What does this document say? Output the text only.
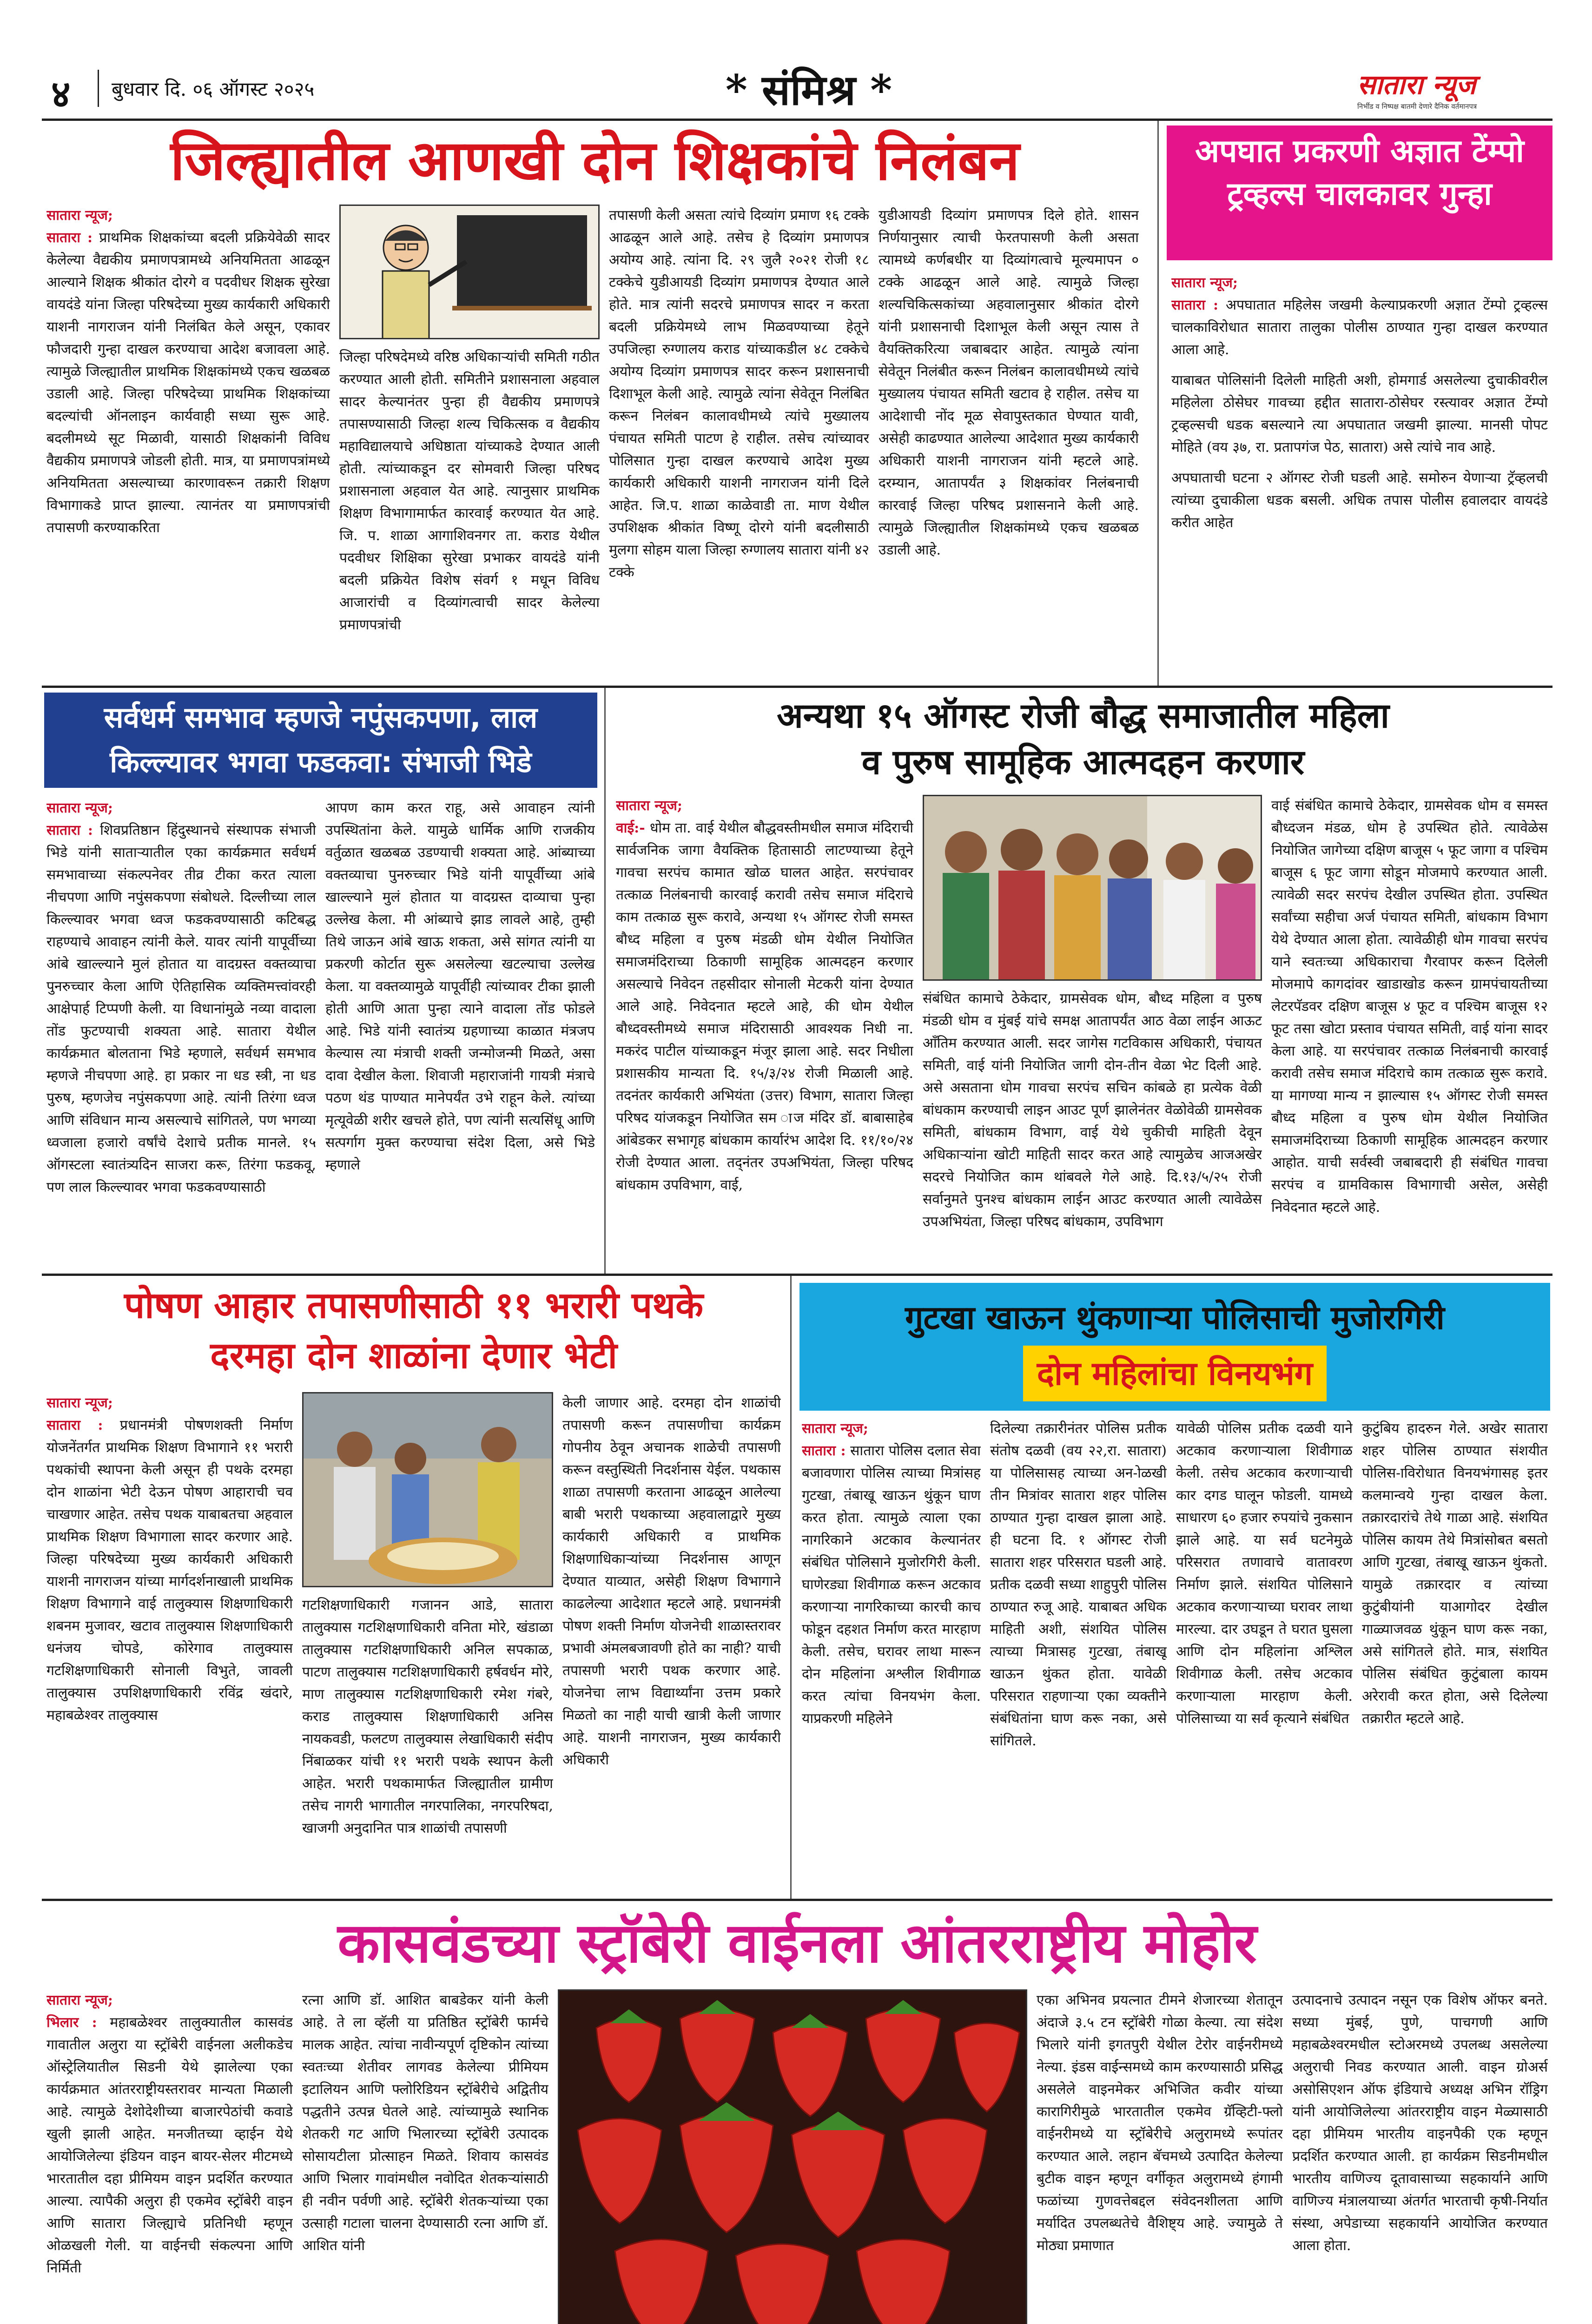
४ बुधवार दि. ०६ ऑगस्ट २०२५	* संमिश्र *	सातारा न्यूज
निर्भीड व निष्पक्ष बातमी देणारे दैनिक वर्तमानपत्र
जिल्ह्यातील आणखी दोन शिक्षकांचे निलंबन
सातारा न्यूज;
सातारा : प्राथमिक शिक्षकांच्या बदली प्रक्रियेवेळी सादर केलेल्या वैद्यकीय प्रमाणपत्रामध्ये अनियमितता आढळून आल्याने शिक्षक श्रीकांत दोरगे व पदवीधर शिक्षक सुरेखा वायदंडे यांना जिल्हा परिषदेच्या मुख्य कार्यकारी अधिकारी याशनी नागराजन यांनी निलंबित केले असून, एकावर फौजदारी गुन्हा दाखल करण्याचा आदेश बजावला आहे. त्यामुळे जिल्ह्यातील प्राथमिक शिक्षकांमध्ये एकच खळबळ उडाली आहे. जिल्हा परिषदेच्या प्राथमिक शिक्षकांच्या बदल्यांची ऑनलाइन कार्यवाही सध्या सुरू आहे. बदलीमध्ये सूट मिळावी, यासाठी शिक्षकांनी विविध वैद्यकीय प्रमाणपत्रे जोडली होती. मात्र, या प्रमाणपत्रांमध्ये अनियमितता असल्याच्या कारणावरून तक्रारी शिक्षण विभागाकडे प्राप्त झाल्या. त्यानंतर या प्रमाणपत्रांची तपासणी करण्याकरिता
जिल्हा परिषदेमध्ये वरिष्ठ अधिकाऱ्यांची समिती गठीत करण्यात आली होती. समितीने प्रशासनाला अहवाल सादर केल्यानंतर पुन्हा ही वैद्यकीय प्रमाणपत्रे तपासण्यासाठी जिल्हा शल्य चिकित्सक व वैद्यकीय महाविद्यालयाचे अधिष्ठाता यांच्याकडे देण्यात आली होती. त्यांच्याकडून दर सोमवारी जिल्हा परिषद प्रशासनाला अहवाल येत आहे. त्यानुसार प्राथमिक शिक्षण विभागामार्फत कारवाई करण्यात येत आहे. जि. प. शाळा आगाशिवनगर ता. कराड येथील पदवीधर शिक्षिका सुरेखा प्रभाकर वायदंडे यांनी बदली प्रक्रियेत विशेष संवर्ग १ मधून विविध आजारांची व दिव्यांगत्वाची सादर केलेल्या प्रमाणपत्रांची
तपासणी केली असता त्यांचे दिव्यांग प्रमाण १६ टक्के आढळून आले आहे. तसेच हे दिव्यांग प्रमाणपत्र अयोग्य आहे. त्यांना दि. २९ जुलै २०२१ रोजी १८ टक्केचे युडीआयडी दिव्यांग प्रमाणपत्र देण्यात आले होते. मात्र त्यांनी सदरचे प्रमाणपत्र सादर न करता बदली प्रक्रियेमध्ये लाभ मिळवण्याच्या हेतूने उपजिल्हा रुग्णालय कराड यांच्याकडील ४८ टक्केचे अयोग्य दिव्यांग प्रमाणपत्र सादर करून प्रशासनाची दिशाभूल केली आहे. त्यामुळे त्यांना सेवेतून निलंबित करून निलंबन कालावधीमध्ये त्यांचे मुख्यालय पंचायत समिती पाटण हे राहील. तसेच त्यांच्यावर पोलिसात गुन्हा दाखल करण्याचे आदेश मुख्य कार्यकारी अधिकारी याशनी नागराजन यांनी दिले आहेत. जि.प. शाळा काळेवाडी ता. माण येथील उपशिक्षक श्रीकांत विष्णू दोरगे यांनी बदलीसाठी मुलगा सोहम याला जिल्हा रुग्णालय सातारा यांनी ४२ टक्के
युडीआयडी दिव्यांग प्रमाणपत्र दिले होते. शासन निर्णयानुसार त्याची फेरतपासणी केली असता त्यामध्ये कर्णबधीर या दिव्यांगत्वाचे मूल्यमापन ० टक्के आढळून आले आहे. त्यामुळे जिल्हा शल्यचिकित्सकांच्या अहवालानुसार श्रीकांत दोरगे यांनी प्रशासनाची दिशाभूल केली असून त्यास ते वैयक्तिकरित्या जबाबदार आहेत. त्यामुळे त्यांना सेवेतून निलंबीत करून निलंबन कालावधीमध्ये त्यांचे मुख्यालय पंचायत समिती खटाव हे राहील. तसेच या आदेशाची नोंद मूळ सेवापुस्तकात घेण्यात यावी, असेही काढण्यात आलेल्या आदेशात मुख्य कार्यकारी अधिकारी याशनी नागराजन यांनी म्हटले आहे. दरम्यान, आतापर्यंत ३ शिक्षकांवर निलंबनाची कारवाई जिल्हा परिषद प्रशासनाने केली आहे. त्यामुळे जिल्ह्यातील शिक्षकांमध्ये एकच खळबळ उडाली आहे.
अपघात प्रकरणी अज्ञात टेंम्पो ट्रव्हल्स चालकावर गुन्हा
सातारा न्यूज;
सातारा : अपघातात महिलेस जखमी केल्याप्रकरणी अज्ञात टेंम्पो ट्रव्हल्स चालकाविरोधात सातारा तालुका पोलीस ठाण्यात गुन्हा दाखल करण्यात आला आहे.
याबाबत पोलिसांनी दिलेली माहिती अशी, होमगार्ड असलेल्या दुचाकीवरील महिलेला ठोसेघर गावच्या हद्दीत सातारा-ठोसेघर रस्त्यावर अज्ञात टेंम्पो ट्रव्हल्सची धडक बसल्याने त्या अपघातात जखमी झाल्या. मानसी पोपट मोहिते (वय ३७, रा. प्रतापगंज पेठ, सातारा) असे त्यांचे नाव आहे.
अपघाताची घटना २ ऑगस्ट रोजी घडली आहे. समोरुन येणाऱ्या ट्रॅव्हलची त्यांच्या दुचाकीला धडक बसली. अधिक तपास पोलीस हवालदार वायदंडे करीत आहेत
सर्वधर्म समभाव म्हणजे नपुंसकपणा, लाल किल्ल्यावर भगवा फडकवा: संभाजी भिडे
सातारा न्यूज;
सातारा : शिवप्रतिष्ठान हिंदुस्थानचे संस्थापक संभाजी भिडे यांनी साताऱ्यातील एका कार्यक्रमात सर्वधर्म समभावाच्या संकल्पनेवर तीव्र टीका करत त्याला नीचपणा आणि नपुंसकपणा संबोधले. दिल्लीच्या लाल किल्ल्यावर भगवा ध्वज फडकवण्यासाठी कटिबद्ध राहण्याचे आवाहन त्यांनी केले. यावर त्यांनी यापूर्वीच्या आंबे खाल्ल्याने मुलं होतात या वादग्रस्त वक्तव्याचा पुनरुच्चार केला आणि ऐतिहासिक व्यक्तिमत्त्वांवरही आक्षेपार्ह टिप्पणी केली. या विधानांमुळे नव्या वादाला तोंड फुटण्याची शक्यता आहे. सातारा येथील कार्यक्रमात बोलताना भिडे म्हणाले, सर्वधर्म समभाव म्हणजे नीचपणा आहे. हा प्रकार ना धड स्त्री, ना धड पुरुष, म्हणजेच नपुंसकपणा आहे. त्यांनी तिरंगा ध्वज आणि संविधान मान्य असल्याचे सांगितले, पण भगव्या ध्वजाला हजारो वर्षांचे देशाचे प्रतीक मानले. १५ ऑगस्टला स्वातंत्र्यदिन साजरा करू, तिरंगा फडकवू, पण लाल किल्ल्यावर भगवा फडकवण्यासाठी
आपण काम करत राहू, असे आवाहन त्यांनी उपस्थितांना केले. यामुळे धार्मिक आणि राजकीय वर्तुळात खळबळ उडण्याची शक्यता आहे. आंब्याच्या वक्तव्याचा पुनरुच्चार भिडे यांनी यापूर्वीच्या आंबे खाल्ल्याने मुलं होतात या वादग्रस्त दाव्याचा पुन्हा उल्लेख केला. मी आंब्याचे झाड लावले आहे, तुम्ही तिथे जाऊन आंबे खाऊ शकता, असे सांगत त्यांनी या प्रकरणी कोर्टात सुरू असलेल्या खटल्याचा उल्लेख केला. या वक्तव्यामुळे यापूर्वीही त्यांच्यावर टीका झाली होती आणि आता पुन्हा त्याने वादाला तोंड फोडले आहे. भिडे यांनी स्वातंत्र्य ग्रहणाच्या काळात मंत्रजप केल्यास त्या मंत्राची शक्ती जन्मोजन्मी मिळते, असा दावा देखील केला. शिवाजी महाराजांनी गायत्री मंत्राचे पठण थंड पाण्यात मानेपर्यंत उभे राहून केले. त्यांच्या मृत्यूवेळी शरीर खचले होते, पण त्यांनी सत्यसिंधू आणि सत्पर्गाग मुक्त करण्याचा संदेश दिला, असे भिडे म्हणाले
अन्यथा १५ ऑगस्ट रोजी बौद्ध समाजातील महिला
व पुरुष सामूहिक आत्मदहन करणार
सातारा न्यूज;
वाई:- धोम ता. वाई येथील बौद्धवस्तीमधील समाज मंदिराची सार्वजनिक जागा वैयक्तिक हितासाठी लाटण्याच्या हेतूने गावचा सरपंच कामात खोळ घालत आहेत. सरपंचावर तत्काळ निलंबनाची कारवाई करावी तसेच समाज मंदिराचे काम तत्काळ सुरू करावे, अन्यथा १५ ऑगस्ट रोजी समस्त बौध्द महिला व पुरुष मंडळी धोम येथील नियोजित समाजमंदिराच्या ठिकाणी सामूहिक आत्मदहन करणार असल्याचे निवेदन तहसीदार सोनाली मेटकरी यांना देण्यात आले आहे. निवेदनात म्हटले आहे, की धोम येथील बौध्दवस्तीमध्ये समाज मंदिरासाठी आवश्यक निधी ना. मकरंद पाटील यांच्याकडून मंजूर झाला आहे. सदर निधीला प्रशासकीय मान्यता दि. १५/३/२४ रोजी मिळाली आहे. तदनंतर कार्यकारी अभियंता (उत्तर) विभाग, सातारा जिल्हा परिषद यांजकडून नियोजित सम ाज मंदिर डॉ. बाबासाहेब आंबेडकर सभागृह बांधकाम कार्यारंभ आदेश दि. ११/१०/२४ रोजी देण्यात आला. तद्नंतर उपअभियंता, जिल्हा परिषद बांधकाम उपविभाग, वाई,
संबंधित कामाचे ठेकेदार, ग्रामसेवक धोम, बौध्द महिला व पुरुष मंडळी धोम व मुंबई यांचे समक्ष आतापर्यंत आठ वेळा लाईन आऊट आँतिम करण्यात आली. सदर जागेस गटविकास अधिकारी, पंचायत समिती, वाई यांनी नियोजित जागी दोन-तीन वेळा भेट दिली आहे. असे असताना धोम गावचा सरपंच सचिन कांबळे हा प्रत्येक वेळी बांधकाम करण्याची लाइन आउट पूर्ण झालेनंतर वेळोवेळी ग्रामसेवक समिती, बांधकाम विभाग, वाई येथे चुकीची माहिती देवून अधिकाऱ्यांना खोटी माहिती सादर करत आहे त्यामुळेच आजअखेर सदरचे नियोजित काम थांबवले गेले आहे. दि.१३/५/२५ रोजी सर्वानुमते पुनश्च बांधकाम लाईन आउट करण्यात आली त्यावेळेस उपअभियंता, जिल्हा परिषद बांधकाम, उपविभाग
वाई संबंधित कामाचे ठेकेदार, ग्रामसेवक धोम व समस्त बौध्दजन मंडळ, धोम हे उपस्थित होते. त्यावेळेस नियोजित जागेच्या दक्षिण बाजूस ५ फूट जागा व पश्चिम बाजूस ६ फूट जागा सोडून मोजमापे करण्यात आली. त्यावेळी सदर सरपंच देखील उपस्थित होता. उपस्थित सर्वांच्या सहीचा अर्ज पंचायत समिती, बांधकाम विभाग येथे देण्यात आला होता. त्यावेळीही धोम गावचा सरपंच याने स्वतःच्या अधिकाराचा गैरवापर करून दिलेली मोजमापे कागदांवर खाडाखोड करून ग्रामपंचायतीच्या लेटरपॅडवर दक्षिण बाजूस ४ फूट व पश्चिम बाजूस १२ फूट तसा खोटा प्रस्ताव पंचायत समिती, वाई यांना सादर केला आहे. या सरपंचावर तत्काळ निलंबनाची कारवाई करावी तसेच समाज मंदिराचे काम तत्काळ सुरू करावे. या मागण्या मान्य न झाल्यास १५ ऑगस्ट रोजी समस्त बौध्द महिला व पुरुष धोम येथील नियोजित समाजमंदिराच्या ठिकाणी सामूहिक आत्मदहन करणार आहोत. याची सर्वस्वी जबाबदारी ही संबंधित गावचा सरपंच व ग्रामविकास विभागाची असेल, असेही निवेदनात म्हटले आहे.
पोषण आहार तपासणीसाठी ११ भरारी पथके
दरमहा दोन शाळांना देणार भेटी
सातारा न्यूज;
सातारा : प्रधानमंत्री पोषणशक्ती निर्माण योजनेंतर्गत प्राथमिक शिक्षण विभागाने ११ भरारी पथकांची स्थापना केली असून ही पथके दरमहा दोन शाळांना भेटी देऊन पोषण आहाराची चव चाखणार आहेत. तसेच पथक याबाबतचा अहवाल प्राथमिक शिक्षण विभागाला सादर करणार आहे. जिल्हा परिषदेच्या मुख्य कार्यकारी अधिकारी याशनी नागराजन यांच्या मार्गदर्शनाखाली प्राथमिक शिक्षण विभागाने वाई तालुक्यास शिक्षणाधिकारी शबनम मुजावर, खटाव तालुक्यास शिक्षणाधिकारी धनंजय चोपडे, कोरेगाव तालुक्यास गटशिक्षणाधिकारी सोनाली विभुते, जावली तालुक्यास उपशिक्षणाधिकारी रविंद्र खंदारे, महाबळेश्वर तालुक्यास
गटशिक्षणाधिकारी गजानन आडे, सातारा तालुक्यास गटशिक्षणाधिकारी वनिता मोरे, खंडाळा तालुक्यास गटशिक्षणाधिकारी अनिल सपकाळ, पाटण तालुक्यास गटशिक्षणाधिकारी हर्षवर्धन मोरे, माण तालुक्यास गटशिक्षणाधिकारी रमेश गंबरे, कराड तालुक्यास शिक्षणाधिकारी अनिस नायकवडी, फलटण तालुक्यास लेखाधिकारी संदीप निंबाळकर यांची ११ भरारी पथके स्थापन केली आहेत. भरारी पथकामार्फत जिल्ह्यातील ग्रामीण तसेच नागरी भागातील नगरपालिका, नगरपरिषदा, खाजगी अनुदानित पात्र शाळांची तपासणी
केली जाणार आहे. दरमहा दोन शाळांची तपासणी करून तपासणीचा कार्यक्रम गोपनीय ठेवून अचानक शाळेची तपासणी करून वस्तुस्थिती निदर्शनास येईल. पथकास शाळा तपासणी करताना आढळून आलेल्या बाबी भरारी पथकाच्या अहवालाद्वारे मुख्य कार्यकारी अधिकारी व प्राथमिक शिक्षणाधिकाऱ्यांच्या निदर्शनास आणून देण्यात याव्यात, असेही शिक्षण विभागाने काढलेल्या आदेशात म्हटले आहे. प्रधानमंत्री पोषण शक्ती निर्माण योजनेची शाळास्तरावर प्रभावी अंमलबजावणी होते का नाही? याची तपासणी भरारी पथक करणार आहे. योजनेचा लाभ विद्यार्थ्यांना उत्तम प्रकारे मिळतो का नाही याची खात्री केली जाणार आहे. याशनी नागराजन, मुख्य कार्यकारी अधिकारी
गुटखा खाऊन थुंकणार्‍या पोलिसाची मुजोरगिरी
दोन महिलांचा विनयभंग
सातारा न्यूज;
सातारा : सातारा पोलिस दलात सेवा बजावणारा पोलिस त्याच्या मित्रांसह गुटखा, तंबाखू खाऊन थुंकून घाण करत होता. त्यामुळे त्याला एका नागरिकाने अटकाव केल्यानंतर संबंधित पोलिसाने मुजोरगिरी केली. घाणेरड्या शिवीगाळ करून अटकाव करणाऱ्या नागरिकाच्या कारची काच फोडून दहशत निर्माण करत मारहाण केली. तसेच, घरावर लाथा मारून दोन महिलांना अश्लील शिवीगाळ करत त्यांचा विनयभंग केला. याप्रकरणी महिलेने
दिलेल्या तक्रारीनंतर पोलिस प्रतीक संतोष दळवी (वय २२,रा. सातारा) या पोलिसासह त्याच्या अन-ोळखी तीन मित्रांवर सातारा शहर पोलिस ठाण्यात गुन्हा दाखल झाला आहे. ही घटना दि. १ ऑगस्ट रोजी सातारा शहर परिसरात घडली आहे. प्रतीक दळवी सध्या शाहुपुरी पोलिस ठाण्यात रुजू आहे. याबाबत अधिक माहिती अशी, संशयित पोलिस त्याच्या मित्रासह गुटखा, तंबाखू खाऊन थुंकत होता. यावेळी परिसरात राहणाऱ्या एका व्यक्तीने संबंधितांना घाण करू नका, असे सांगितले.
यावेळी पोलिस प्रतीक दळवी याने अटकाव करणाऱ्याला शिवीगाळ केली. तसेच अटकाव करणाऱ्याची कार दगड घालून फोडली. यामध्ये साधारण ६० हजार रुपयांचे नुकसान झाले आहे. या सर्व घटनेमुळे परिसरात तणावाचे वातावरण निर्माण झाले. संशयित पोलिसाने अटकाव करणाऱ्याच्या घरावर लाथा मारल्या. दार उघडून ते घरात घुसला आणि दोन महिलांना अश्लिल शिवीगाळ केली. तसेच अटकाव करणाऱ्याला मारहाण केली. पोलिसाच्या या सर्व कृत्याने संबंधित
कुटुंबिय हादरुन गेले. अखेर सातारा शहर पोलिस ठाण्यात संशयीत पोलिस-ाविरोधात विनयभंगासह इतर कलमान्वये गुन्हा दाखल केला. तक्रारदारांचे तेथे गाळा आहे. संशयित पोलिस कायम तेथे मित्रांसोबत बसतो आणि गुटखा, तंबाखू खाऊन थुंकतो. यामुळे तक्रारदार व त्यांच्या कुटुंबीयांनी याआगोदर देखील गाळ्याजवळ थुंकून घाण करू नका, असे सांगितले होते. मात्र, संशयित पोलिस संबंधित कुटुंबाला कायम अरेरावी करत होता, असे दिलेल्या तक्रारीत म्हटले आहे.
कासवंडच्या स्ट्रॉबेरी वाईनला आंतरराष्ट्रीय मोहोर
सातारा न्यूज;
भिलार : महाबळेश्वर तालुक्यातील कासवंड गावातील अलुरा या स्ट्रॉबेरी वाईनला अलीकडेच ऑस्ट्रेलियातील सिडनी येथे झालेल्या एका कार्यक्रमात आंतरराष्ट्रीयस्तरावर मान्यता मिळाली आहे. त्यामुळे देशोदेशीच्या बाजारपेठांची कवाडे खुली झाली आहेत. मनजीतच्या व्हाईन येथे आयोजिलेल्या इंडियन वाइन बायर-सेलर मीटमध्ये भारतातील दहा प्रीमियम वाइन प्रदर्शित करण्यात आल्या. त्यापैकी अलुरा ही एकमेव स्ट्रॉबेरी वाइन आणि सातारा जिल्ह्याचे प्रतिनिधी म्हणून ओळखली गेली. या वाईनची संकल्पना आणि निर्मिती
रत्ना आणि डॉ. आशित बाबडेकर यांनी केली आहे. ते ला व्हॅली या प्रतिष्ठित स्ट्रॉबेरी फार्मचे मालक आहेत. त्यांचा नावीन्यपूर्ण दृष्टिकोन त्यांच्या स्वतःच्या शेतीवर लागवड केलेल्या प्रीमियम इटालियन आणि फ्लोरिडियन स्ट्रॉबेरीचे अद्वितीय पद्धतीने उत्पन्न घेतले आहे. त्यांच्यामुळे स्थानिक शेतकरी गट आणि भिलारच्या स्ट्रॉबेरी उत्पादक सोसायटीला प्रोत्साहन मिळते. शिवाय कासवंड आणि भिलार गावांमधील नवोदित शेतकऱ्यांसाठी ही नवीन पर्वणी आहे. स्ट्रॉबेरी शेतकऱ्यांच्या एका उत्साही गटाला चालना देण्यासाठी रत्ना आणि डॉ. आशित यांनी
एका अभिनव प्रयत्नात टीमने शेजारच्या शेतातून अंदाजे ३.५ टन स्ट्रॉबेरी गोळा केल्या. त्या संदेश भिलारे यांनी इगतपुरी येथील टेरोर वाईनरीमध्ये नेल्या. इंडस वाईन्समध्ये काम करण्यासाठी प्रसिद्ध असलेले वाइनमेकर अभिजित कवीर यांच्या कारागिरीमुळे भारतातील एकमेव ग्रॅव्हिटी-फ्लो वाईनरीमध्ये या स्ट्रॉबेरीचे अलुरामध्ये रूपांतर करण्यात आले. लहान बॅचमध्ये उत्पादित केलेल्या बुटीक वाइन म्हणून वर्गीकृत अलुरामध्ये हंगामी फळांच्या गुणवत्तेबद्दल संवेदनशीलता आणि मर्यादित उपलब्धतेचे वैशिष्ट्य आहे. ज्यामुळे ते मोठ्या प्रमाणात
उत्पादनाचे उत्पादन नसून एक विशेष ऑफर बनते. सध्या मुंबई, पुणे, पाचगणी आणि महाबळेश्वरमधील स्टोअरमध्ये उपलब्ध असलेल्या अलुराची निवड करण्यात आली. वाइन ग्रोअर्स असोसिएशन ऑफ इंडियाचे अध्यक्ष अभिन रॉड्रिग यांनी आयोजिलेल्या आंतरराष्ट्रीय वाइन मेळ्यासाठी दहा प्रीमियम भारतीय वाइनपैकी एक म्हणून प्रदर्शित करण्यात आली. हा कार्यक्रम सिडनीमधील भारतीय वाणिज्य दूतावासाच्या सहकार्याने आणि वाणिज्य मंत्रालयाच्या अंतर्गत भारताची कृषी-निर्यात संस्था, अपेडाच्या सहकार्याने आयोजित करण्यात आला होता.
